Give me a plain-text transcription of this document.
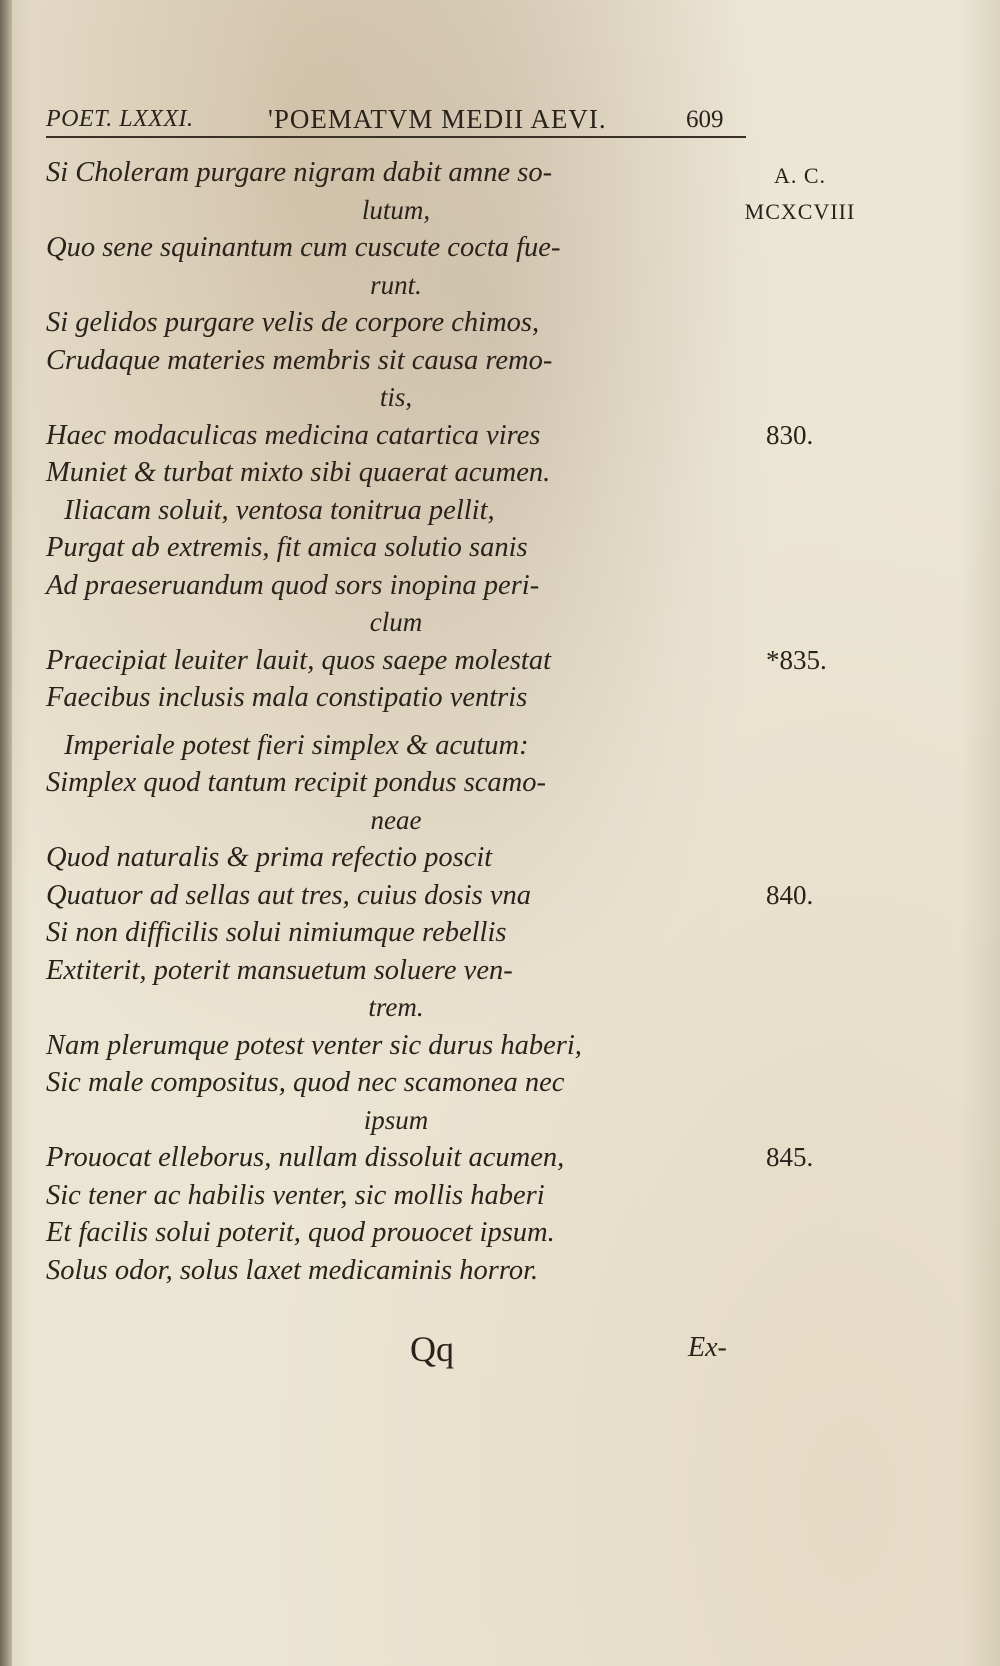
POET. LXXXI.	'POEMATVM MEDII AEVI.	609
A. C.
MCXCVIII
Si Choleram purgare nigram dabit amne so-
lutum,
Quo sene squinantum cum cuscute cocta fue-
runt.
Si gelidos purgare velis de corpore chimos,
Crudaque materies membris sit causa remo-
tis,
Haec modaculicas medicina catartica vires	830.
Muniet & turbat mixto sibi quaerat acumen.
Iliacam soluit, ventosa tonitrua pellit,
Purgat ab extremis, fit amica solutio sanis
Ad praeseruandum quod sors inopina peri-
clum
Praecipiat leuiter lauit, quos saepe molestat	*835.
Faecibus inclusis mala constipatio ventris
Imperiale potest fieri simplex & acutum:
Simplex quod tantum recipit pondus scamo-
neae
Quod naturalis & prima refectio poscit
Quatuor ad sellas aut tres, cuius dosis vna	840.
Si non difficilis solui nimiumque rebellis
Extiterit, poterit mansuetum soluere ven-
trem.
Nam plerumque potest venter sic durus haberi,
Sic male compositus, quod nec scamonea nec
ipsum
Prouocat elleborus, nullam dissoluit acumen,	845.
Sic tener ac habilis venter, sic mollis haberi
Et facilis solui poterit, quod prouocet ipsum.
Solus odor, solus laxet medicaminis horror.
Qq	Ex-
